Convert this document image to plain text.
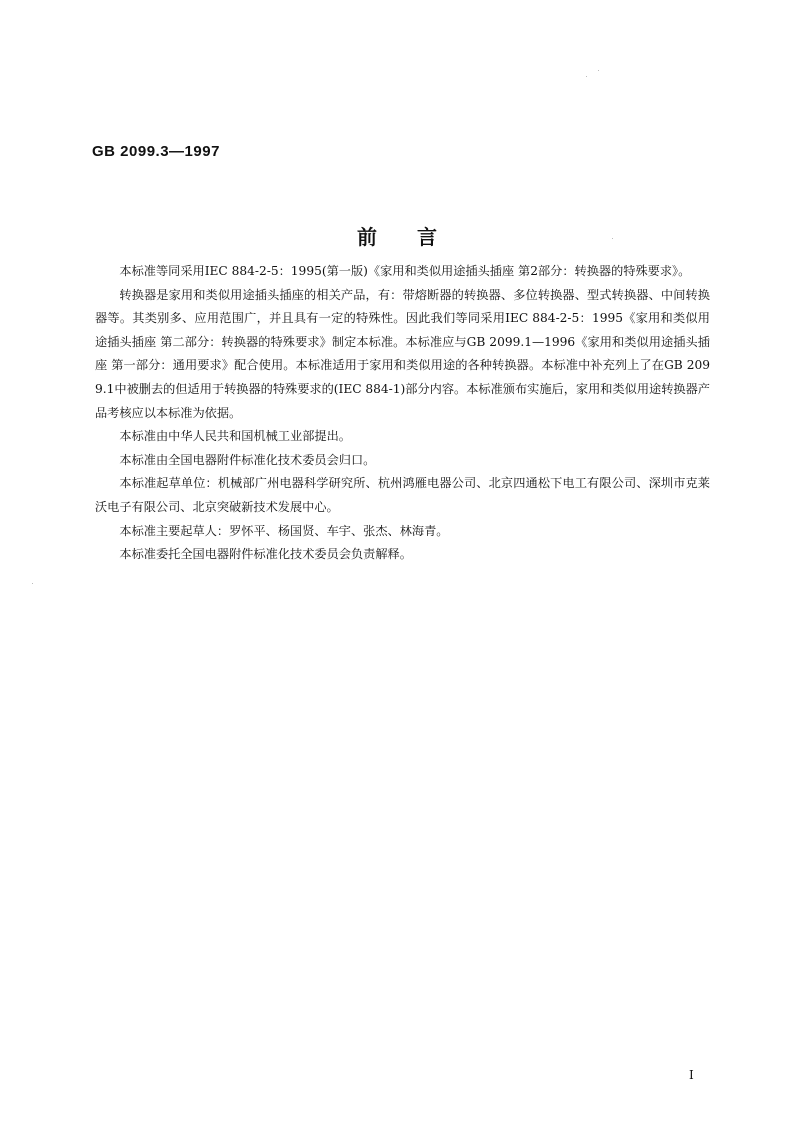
GB 2099.3—1997
前言

本标准等同采用IEC 884-2-5：1995(第一版)《家用和类似用途插头插座 第2部分：转换器的特殊要求》。

转换器是家用和类似用途插头插座的相关产品，有：带熔断器的转换器、多位转换器、型式转换器、中间转换器等。其类别多、应用范围广，并且具有一定的特殊性。因此我们等同采用IEC 884-2-5：1995《家用和类似用途插头插座 第二部分：转换器的特殊要求》制定本标准。本标准应与GB 2099.1—1996《家用和类似用途插头插座 第一部分：通用要求》配合使用。本标准适用于家用和类似用途的各种转换器。本标准中补充列上了在GB 2099.1中被删去的但适用于转换器的特殊要求的(IEC 884-1)部分内容。本标准颁布实施后，家用和类似用途转换器产品考核应以本标准为依据。

本标准由中华人民共和国机械工业部提出。

本标准由全国电器附件标准化技术委员会归口。

本标准起草单位：机械部广州电器科学研究所、杭州鸿雁电器公司、北京四通松下电工有限公司、深圳市克莱沃电子有限公司、北京突破新技术发展中心。

本标准主要起草人：罗怀平、杨国贤、车宇、张杰、林海青。

本标准委托全国电器附件标准化技术委员会负责解释。

I
